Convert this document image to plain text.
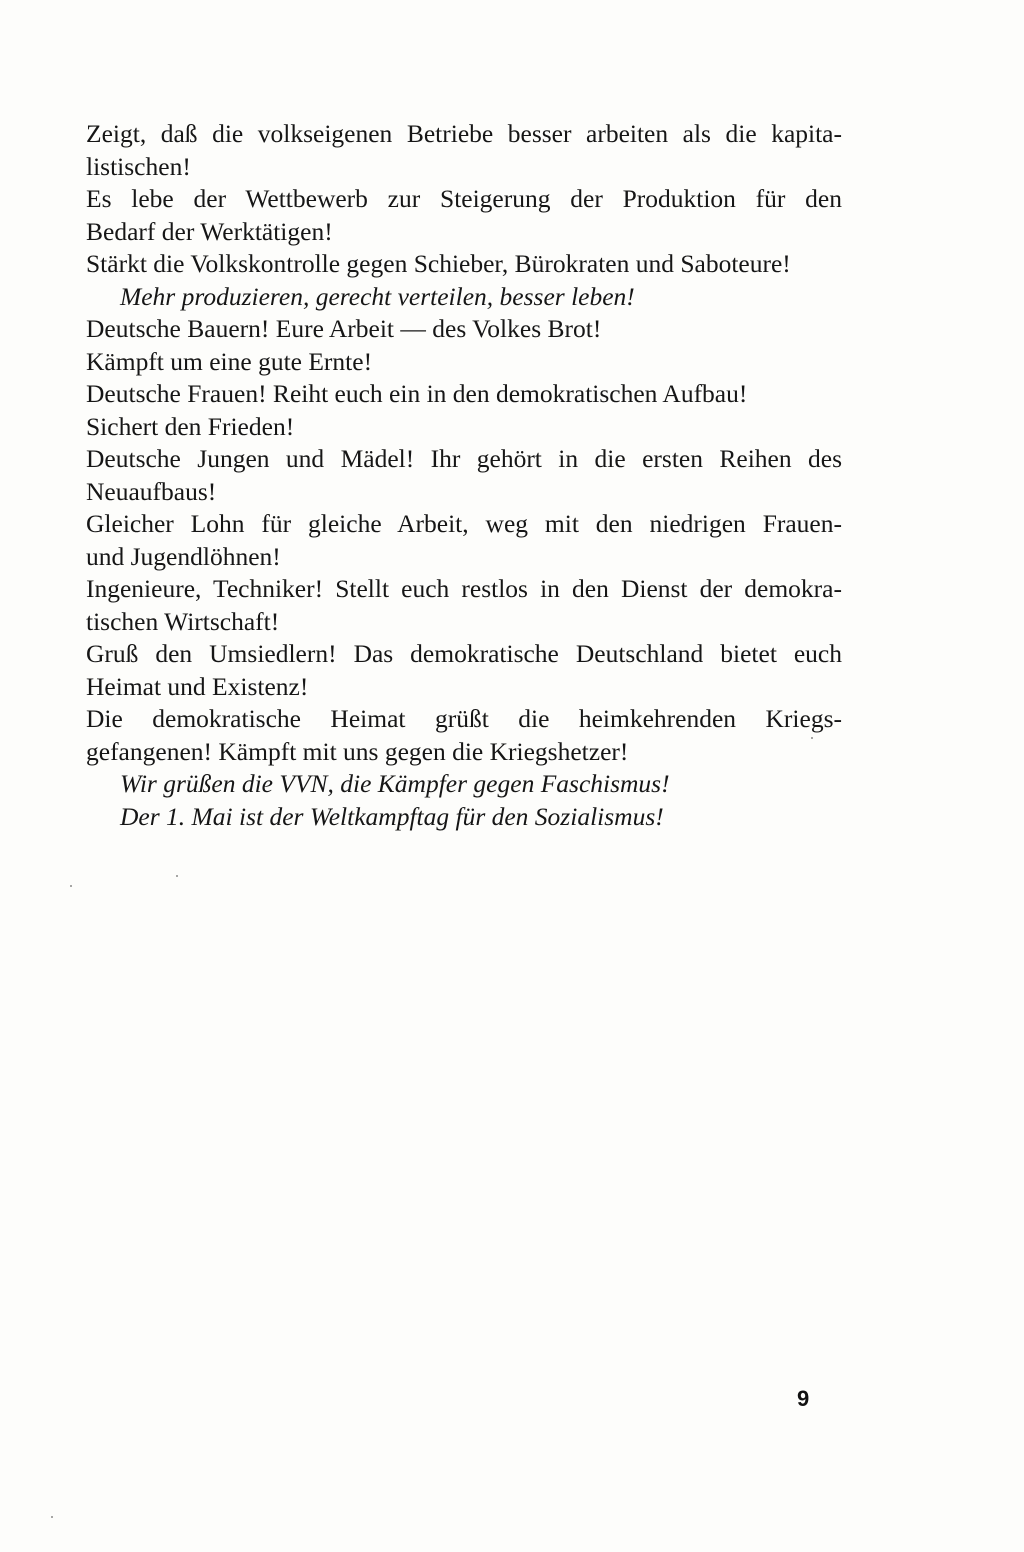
Zeigt, daß die volkseigenen Betriebe besser arbeiten als die kapita-
listischen!

Es lebe der Wettbewerb zur Steigerung der Produktion für den
Bedarf der Werktätigen!

Stärkt die Volkskontrolle gegen Schieber, Bürokraten und Saboteure!

Mehr produzieren, gerecht verteilen, besser leben!

Deutsche Bauern! Eure Arbeit — des Volkes Brot!

Kämpft um eine gute Ernte!

Deutsche Frauen! Reiht euch ein in den demokratischen Aufbau!
Sichert den Frieden!

Deutsche Jungen und Mädel! Ihr gehört in die ersten Reihen des
Neuaufbaus!

Gleicher Lohn für gleiche Arbeit, weg mit den niedrigen Frauen-
und Jugendlöhnen!

Ingenieure, Techniker! Stellt euch restlos in den Dienst der demokra-
tischen Wirtschaft!

Gruß den Umsiedlern! Das demokratische Deutschland bietet euch
Heimat und Existenz!

Die demokratische Heimat grüßt die heimkehrenden Kriegs-
gefangenen! Kämpft mit uns gegen die Kriegshetzer!

Wir grüßen die VVN, die Kämpfer gegen Faschismus!

Der 1. Mai ist der Weltkampftag für den Sozialismus!

9
